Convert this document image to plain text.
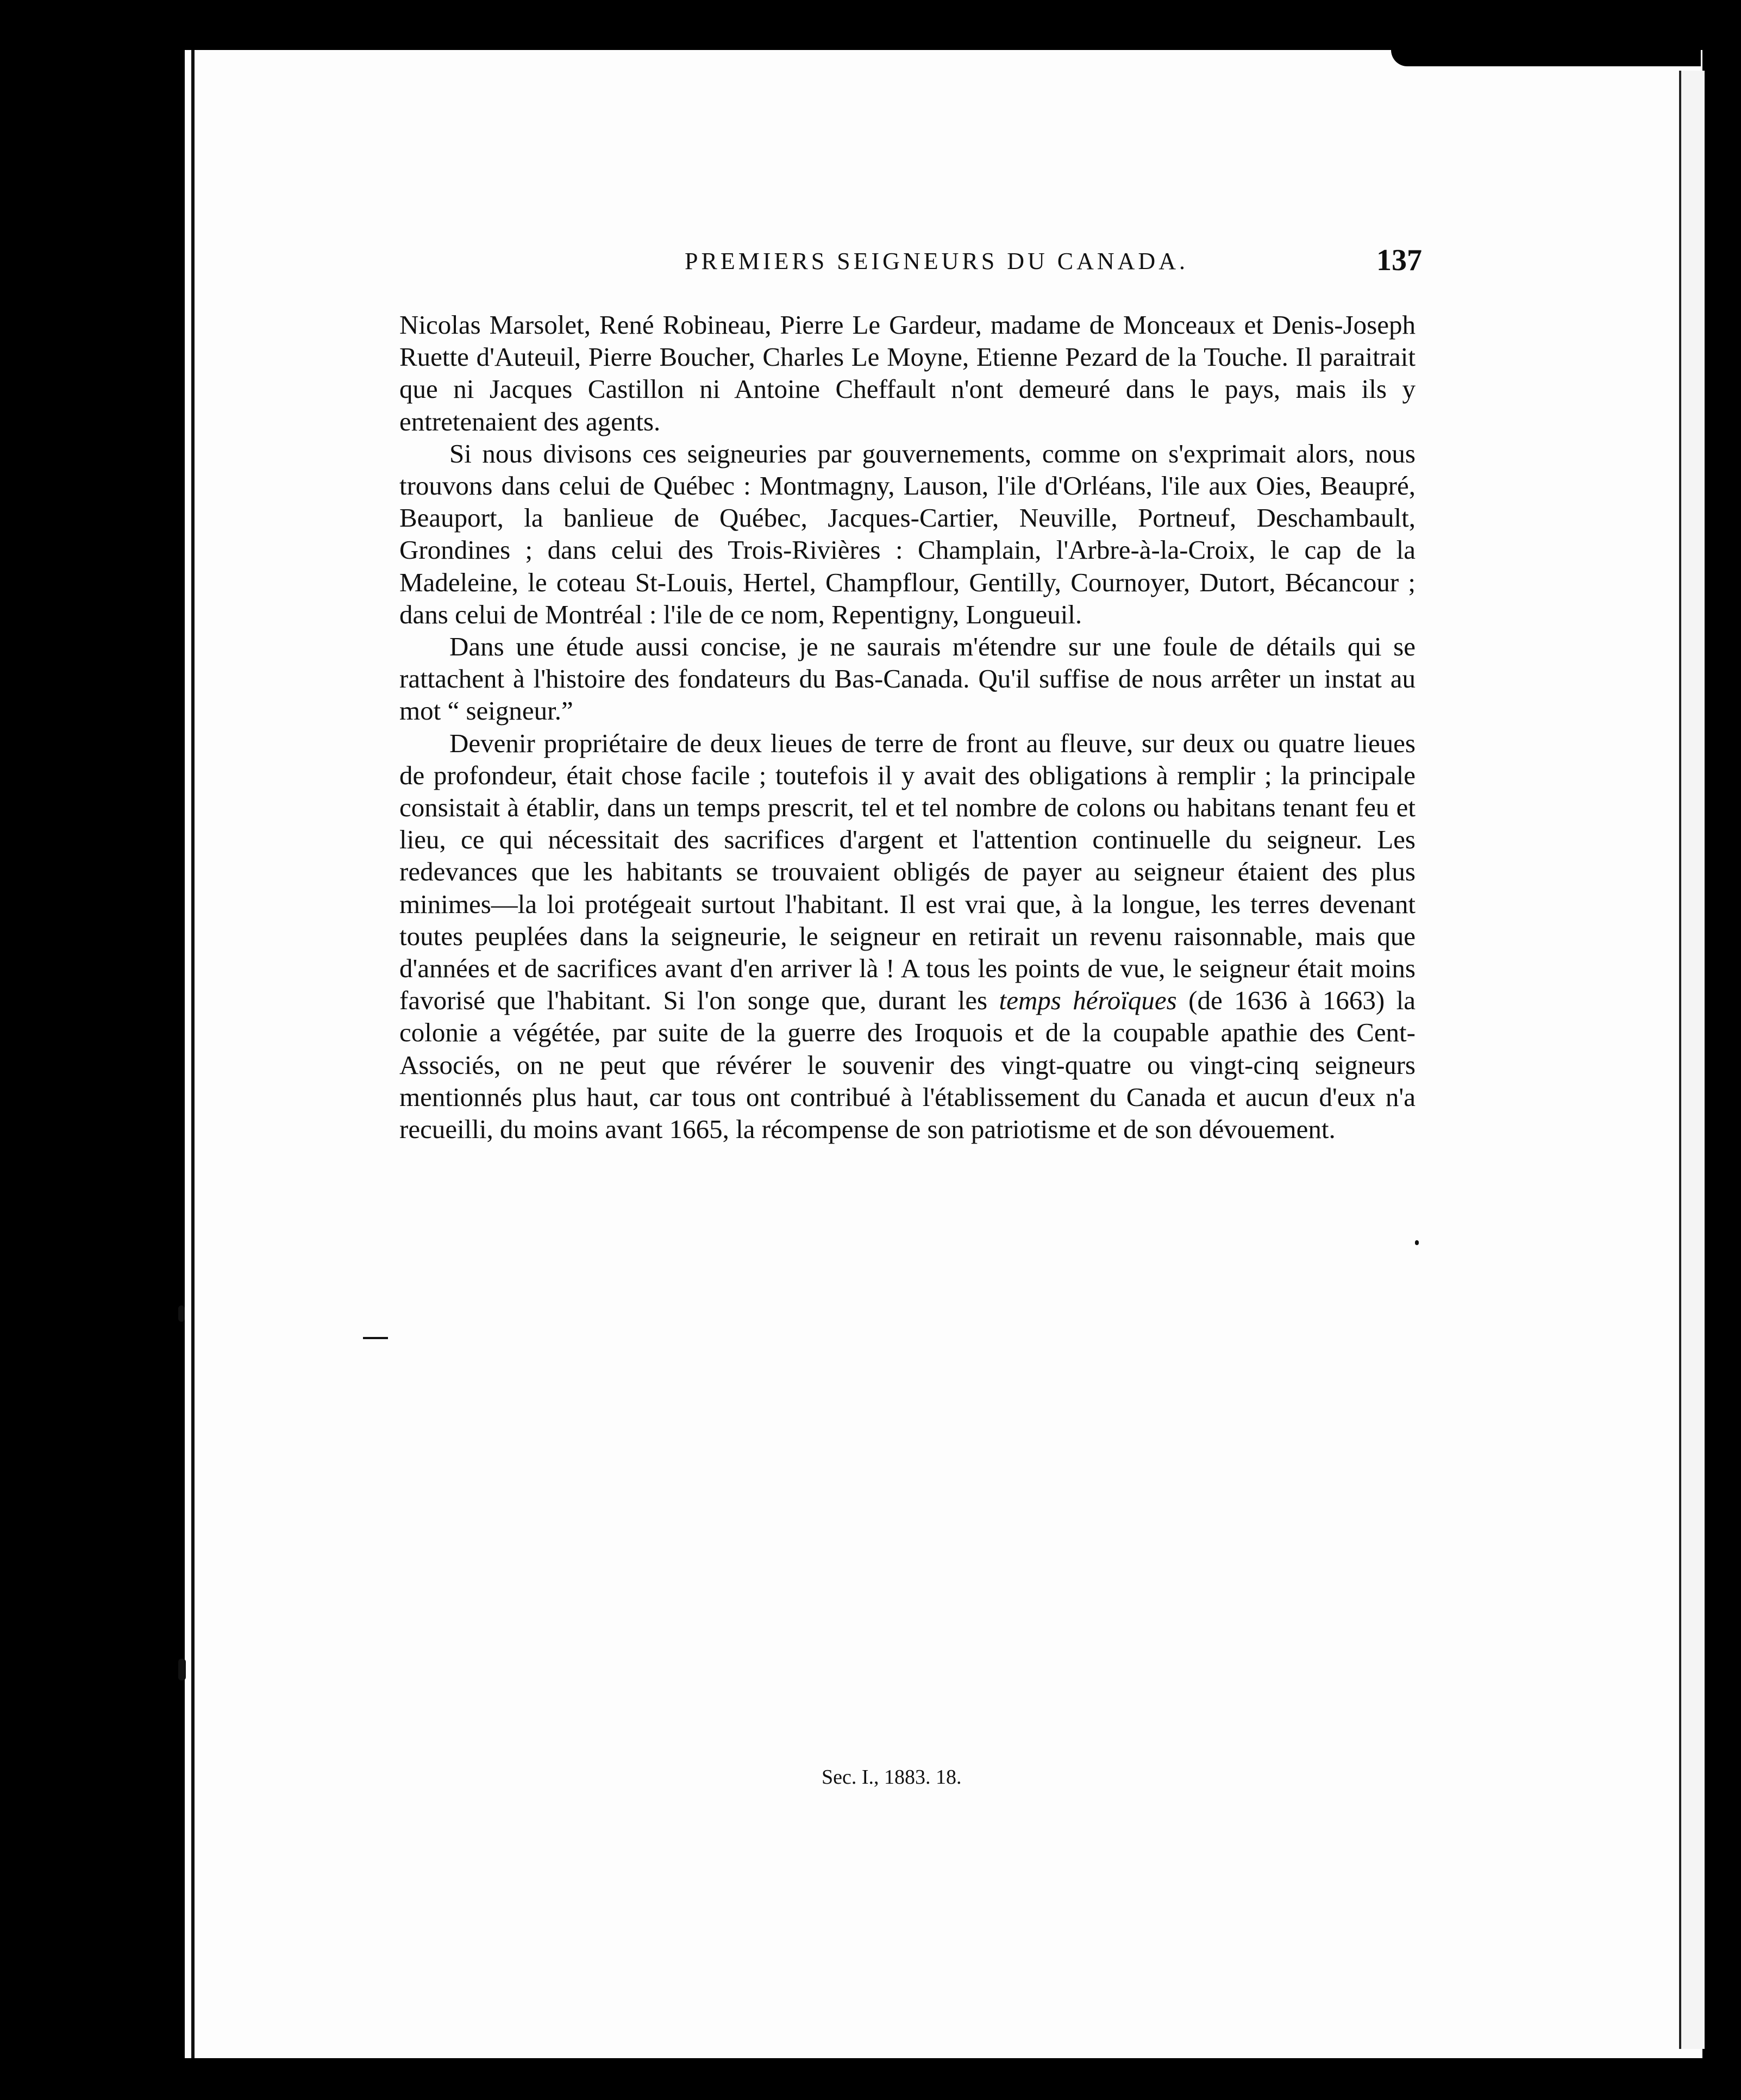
PREMIERS SEIGNEURS DU CANADA.	137

Nicolas Marsolet, René Robineau, Pierre Le Gardeur, madame de Monceaux et Denis-Joseph Ruette d'Auteuil, Pierre Boucher, Charles Le Moyne, Etienne Pezard de la Touche. Il paraitrait que ni Jacques Castillon ni Antoine Cheffault n'ont demeuré dans le pays, mais ils y entretenaient des agents.

Si nous divisons ces seigneuries par gouvernements, comme on s'exprimait alors, nous trouvons dans celui de Québec : Montmagny, Lauson, l'ile d'Orléans, l'ile aux Oies, Beaupré, Beauport, la banlieue de Québec, Jacques-Cartier, Neuville, Portneuf, Deschambault, Grondines ; dans celui des Trois-Rivières : Champlain, l'Arbre-à-la-Croix, le cap de la Madeleine, le coteau St-Louis, Hertel, Champflour, Gentilly, Cournoyer, Dutort, Bécancour ; dans celui de Montréal : l'ile de ce nom, Repentigny, Longueuil.

Dans une étude aussi concise, je ne saurais m'étendre sur une foule de détails qui se rattachent à l'histoire des fondateurs du Bas-Canada. Qu'il suffise de nous arrêter un instat au mot “ seigneur.”

Devenir propriétaire de deux lieues de terre de front au fleuve, sur deux ou quatre lieues de profondeur, était chose facile ; toutefois il y avait des obligations à remplir ; la principale consistait à établir, dans un temps prescrit, tel et tel nombre de colons ou habitans tenant feu et lieu, ce qui nécessitait des sacrifices d'argent et l'attention continuelle du seigneur. Les redevances que les habitants se trouvaient obligés de payer au seigneur étaient des plus minimes—la loi protégeait surtout l'habitant. Il est vrai que, à la longue, les terres devenant toutes peuplées dans la seigneurie, le seigneur en retirait un revenu raisonnable, mais que d'années et de sacrifices avant d'en arriver là ! A tous les points de vue, le seigneur était moins favorisé que l'habitant. Si l'on songe que, durant les temps héroïques (de 1636 à 1663) la colonie a végétée, par suite de la guerre des Iroquois et de la coupable apathie des Cent-Associés, on ne peut que révérer le souvenir des vingt-quatre ou vingt-cinq seigneurs mentionnés plus haut, car tous ont contribué à l'établissement du Canada et aucun d'eux n'a recueilli, du moins avant 1665, la récompense de son patriotisme et de son dévouement.

Sec. I., 1883. 18.
